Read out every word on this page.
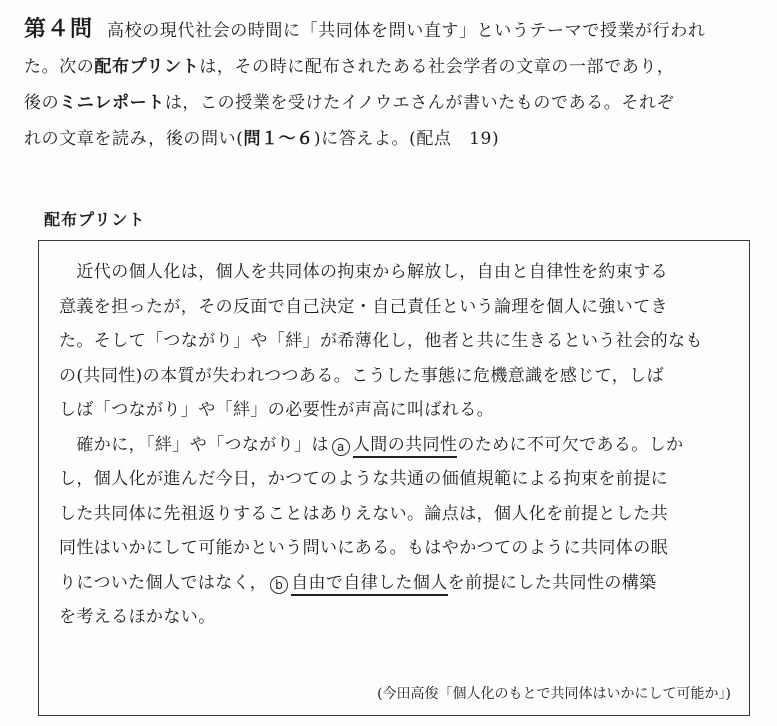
第４問 高校の現代社会の時間に「共同体を問い直す」というテーマで授業が行われ
た。次の配布プリントは，その時に配布されたある社会学者の文章の一部であり，
後のミニレポートは，この授業を受けたイノウエさんが書いたものである。それぞ
れの文章を読み，後の問い(問１～６)に答えよ。(配点　19)
配布プリント
　近代の個人化は，個人を共同体の拘束から解放し，自由と自律性を約束する
意義を担ったが，その反面で自己決定・自己責任という論理を個人に強いてき
た。そして「つながり」や「絆」が希薄化し，他者と共に生きるという社会的なも
の(共同性)の本質が失われつつある。こうした事態に危機意識を感じて，しば
しば「つながり」や「絆」の必要性が声高に叫ばれる。
　確かに，「絆」や「つながり」は a 人間の共同性のために不可欠である。しか
し，個人化が進んだ今日，かつてのような共通の価値規範による拘束を前提に
した共同体に先祖返りすることはありえない。論点は，個人化を前提とした共
同性はいかにして可能かという問いにある。もはやかつてのように共同体の眠
りについた個人ではなく， b 自由で自律した個人を前提にした共同性の構築
を考えるほかない。
(今田高俊「個人化のもとで共同体はいかにして可能か」)
